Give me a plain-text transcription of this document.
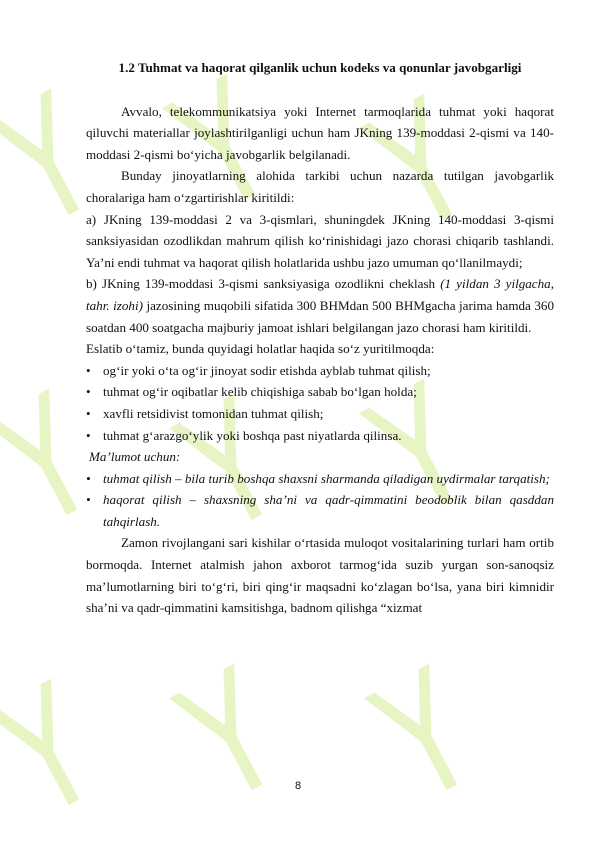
1.2 Tuhmat va haqorat qilganlik uchun kodeks va qonunlar javobgarligi

Avvalo, telekommunikatsiya yoki Internet tarmoqlarida tuhmat yoki haqorat qiluvchi materiallar joylashtirilganligi uchun ham JKning 139-moddasi 2-qismi va 140-moddasi 2-qismi bo‘yicha javobgarlik belgilanadi.

Bunday jinoyatlarning alohida tarkibi uchun nazarda tutilgan javobgarlik choralariga ham o‘zgartirishlar kiritildi:

a) JKning 139-moddasi 2 va 3-qismlari, shuningdek JKning 140-moddasi 3-qismi sanksiyasidan ozodlikdan mahrum qilish ko‘rinishidagi jazo chorasi chiqarib tashlandi. Ya’ni endi tuhmat va haqorat qilish holatlarida ushbu jazo umuman qo‘llanilmaydi;

b) JKning 139-moddasi 3-qismi sanksiyasiga ozodlikni cheklash (1 yildan 3 yilgacha, tahr. izohi) jazosining muqobili sifatida 300 BHMdan 500 BHMgacha jarima hamda 360 soatdan 400 soatgacha majburiy jamoat ishlari belgilangan jazo chorasi ham kiritildi.

Eslatib o‘tamiz, bunda quyidagi holatlar haqida so‘z yuritilmoqda:

• og‘ir yoki o‘ta og‘ir jinoyat sodir etishda ayblab tuhmat qilish;
• tuhmat og‘ir oqibatlar kelib chiqishiga sabab bo‘lgan holda;
• xavfli retsidivist tomonidan tuhmat qilish;
• tuhmat g‘arazgo‘ylik yoki boshqa past niyatlarda qilinsa.

Ma’lumot uchun:

• tuhmat qilish – bila turib boshqa shaxsni sharmanda qiladigan uydirmalar tarqatish;
• haqorat qilish – shaxsning sha’ni va qadr-qimmatini beodoblik bilan qasddan tahqirlash.

Zamon rivojlangani sari kishilar o‘rtasida muloqot vositalarining turlari ham ortib bormoqda. Internet atalmish jahon axborot tarmog‘ida suzib yurgan son-sanoqsiz ma’lumotlarning biri to‘g‘ri, biri qing‘ir maqsadni ko‘zlagan bo‘lsa, yana biri kimnidir sha’ni va qadr-qimmatini kamsitishga, badnom qilishga “xizmat

8
